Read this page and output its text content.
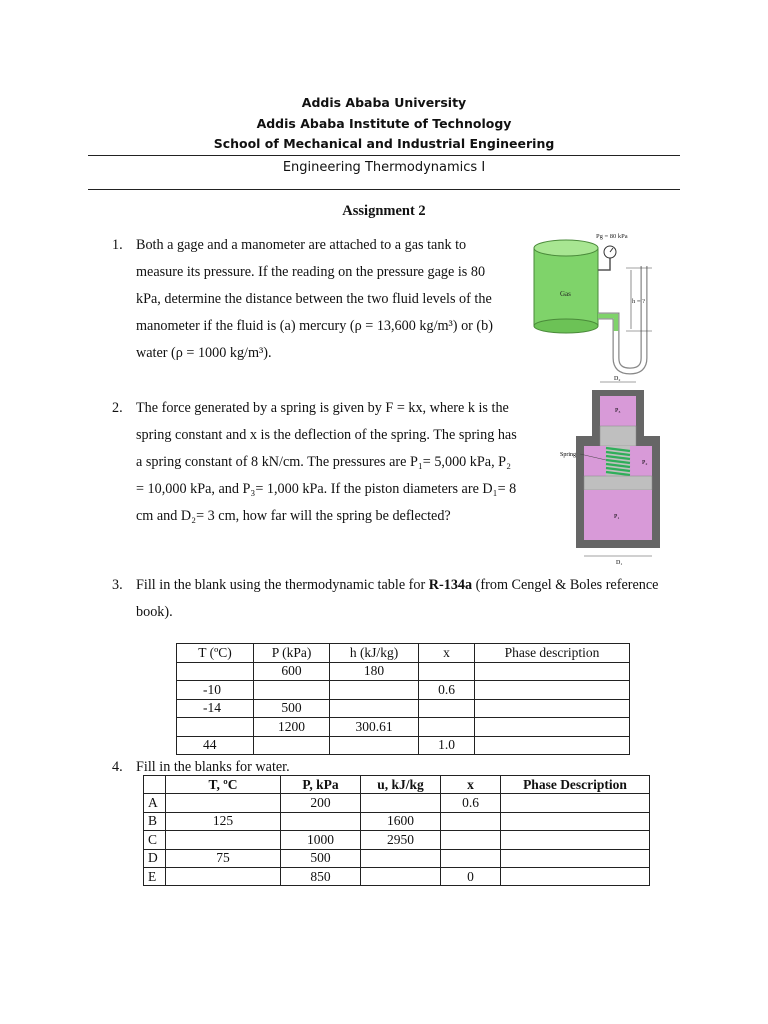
Addis Ababa University
Addis Ababa Institute of Technology
School of Mechanical and Industrial Engineering
Engineering Thermodynamics I
Assignment 2
1. Both a gage and a manometer are attached to a gas tank to
measure its pressure. If the reading on the pressure gage is 80
kPa, determine the distance between the two fluid levels of the
manometer if the fluid is (a) mercury (ρ = 13,600 kg/m³) or (b)
water (ρ = 1000 kg/m³).
Gas
Pg = 80 kPa
h = ?
2. The force generated by a spring is given by F = kx, where k is the
spring constant and x is the deflection of the spring. The spring has
a spring constant of 8 kN/cm. The pressures are P₁= 5,000 kPa, P₂
= 10,000 kPa, and P₃= 1,000 kPa. If the piston diameters are D₁= 8
cm and D₂= 3 cm, how far will the spring be deflected?
D₂
P₃
P₂
Spring
P₁
D₁
3. Fill in the blank using the thermodynamic table for R-134a (from Cengel & Boles reference
book).
T (ºC)	P (kPa)	h (kJ/kg)	x	Phase description
	600	180		
-10			0.6	
-14	500			
	1200	300.61		
44			1.0	
4. Fill in the blanks for water.
	T, ºC	P, kPa	u, kJ/kg	x	Phase Description
A		200		0.6	
B	125		1600		
C		1000	2950		
D	75	500			
E		850		0	
